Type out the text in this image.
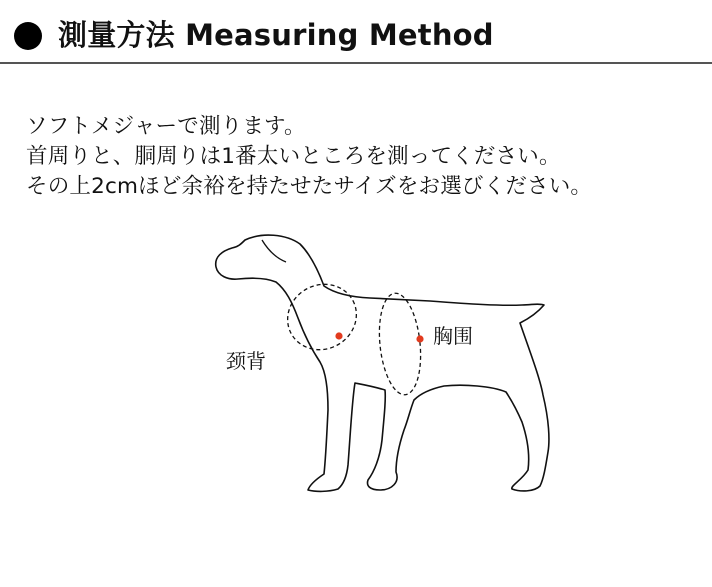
測量方法 Measuring Method
ソフトメジャーで測ります。
首周りと、胴周りは1番太いところを測ってください。
その上2cmほど余裕を持たせたサイズをお選びください。
颈背
胸围
